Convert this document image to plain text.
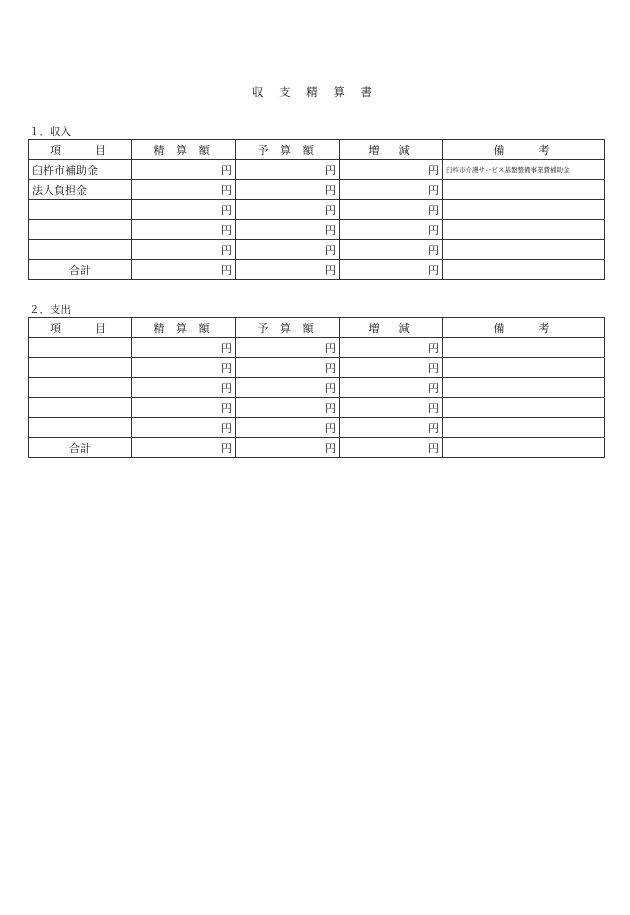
収 支 精 算 書
１．収入
項　　目	精 算 額	予 算 額	増　減	備　　考
臼杵市補助金	円	円	円	臼杵市介護サービス基盤整備事業費補助金
法人負担金	円	円	円	
	円	円	円	
	円	円	円	
	円	円	円	
合計	円	円	円	
２．支出
項　　目	精 算 額	予 算 額	増　減	備　　考
	円	円	円	
	円	円	円	
	円	円	円	
	円	円	円	
	円	円	円	
合計	円	円	円	
